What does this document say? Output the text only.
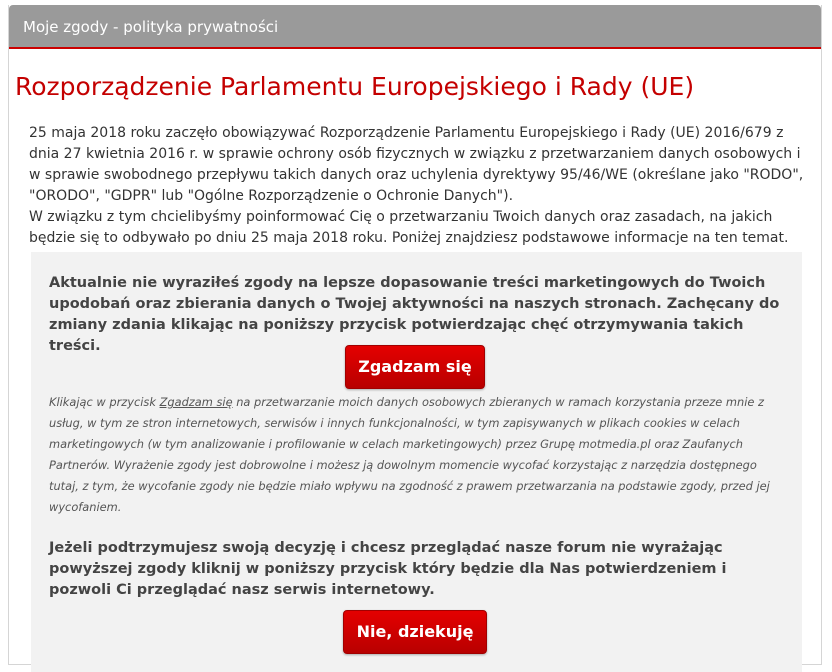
Moje zgody - polityka prywatności
Rozporządzenie Parlamentu Europejskiego i Rady (UE)

25 maja 2018 roku zaczęło obowiązywać Rozporządzenie Parlamentu Europejskiego i Rady (UE) 2016/679 z dnia 27 kwietnia 2016 r. w sprawie ochrony osób fizycznych w związku z przetwarzaniem danych osobowych i w sprawie swobodnego przepływu takich danych oraz uchylenia dyrektywy 95/46/WE (określane jako "RODO", "ORODO", "GDPR" lub "Ogólne Rozporządzenie o Ochronie Danych").

W związku z tym chcielibyśmy poinformować Cię o przetwarzaniu Twoich danych oraz zasadach, na jakich będzie się to odbywało po dniu 25 maja 2018 roku. Poniżej znajdziesz podstawowe informacje na ten temat.

Aktualnie nie wyraziłeś zgody na lepsze dopasowanie treści marketingowych do Twoich upodobań oraz zbierania danych o Twojej aktywności na naszych stronach. Zachęcany do zmiany zdania klikając na poniższy przycisk potwierdzając chęć otrzymywania takich treści.
Zgadzam się
Klikając w przycisk Zgadzam się na przetwarzanie moich danych osobowych zbieranych w ramach korzystania przeze mnie z usług, w tym ze stron internetowych, serwisów i innych funkcjonalności, w tym zapisywanych w plikach cookies w celach marketingowych (w tym analizowanie i profilowanie w celach marketingowych) przez Grupę motmedia.pl oraz Zaufanych Partnerów. Wyrażenie zgody jest dobrowolne i możesz ją dowolnym momencie wycofać korzystając z narzędzia dostępnego tutaj, z tym, że wycofanie zgody nie będzie miało wpływu na zgodność z prawem przetwarzania na podstawie zgody, przed jej wycofaniem.
Jeżeli podtrzymujesz swoją decyzję i chcesz przeglądać nasze forum nie wyrażając powyższej zgody kliknij w poniższy przycisk który będzie dla Nas potwierdzeniem i pozwoli Ci przeglądać nasz serwis internetowy.
Nie, dziekuję
